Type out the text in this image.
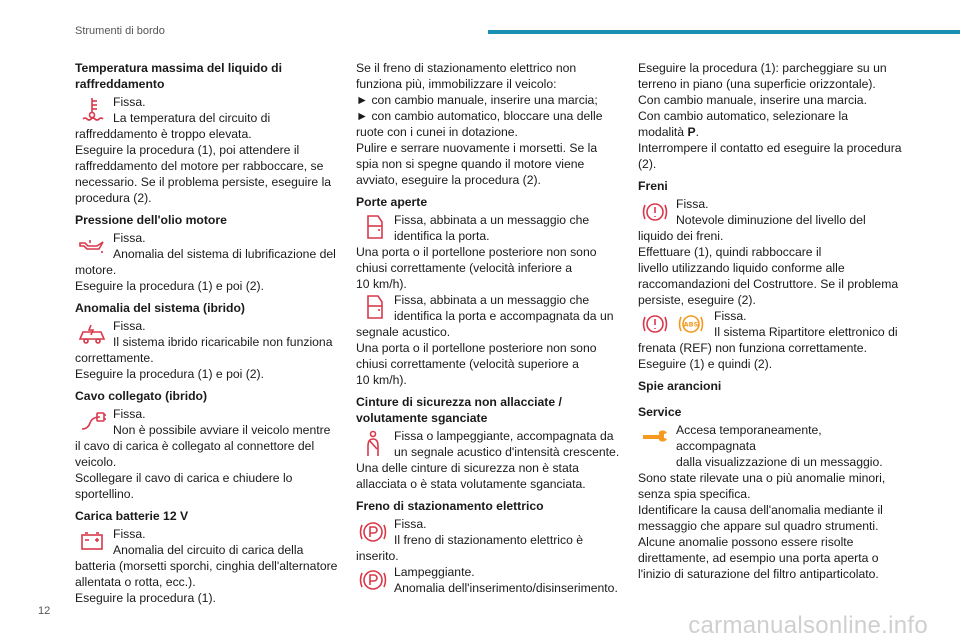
Strumenti di bordo
Temperatura massima del liquido di raffreddamento
Fissa.
La temperatura del circuito di
raffreddamento è troppo elevata.
Eseguire la procedura (1), poi attendere il
raffreddamento del motore per rabboccare, se
necessario. Se il problema persiste, eseguire la
procedura (2).
Pressione dell'olio motore
Fissa.
Anomalia del sistema di lubrificazione del
motore.
Eseguire la procedura (1) e poi (2).
Anomalia del sistema (ibrido)
Fissa.
Il sistema ibrido ricaricabile non funziona
correttamente.
Eseguire la procedura (1) e poi (2).
Cavo collegato (ibrido)
Fissa.
Non è possibile avviare il veicolo mentre
il cavo di carica è collegato al connettore del
veicolo.
Scollegare il cavo di carica e chiudere lo
sportellino.
Carica batterie 12 V
Fissa.
Anomalia del circuito di carica della
batteria (morsetti sporchi, cinghia dell'alternatore
allentata o rotta, ecc.).
Eseguire la procedura (1).
Se il freno di stazionamento elettrico non
funziona più, immobilizzare il veicolo:
► con cambio manuale, inserire una marcia;
► con cambio automatico, bloccare una delle
ruote con i cunei in dotazione.
Pulire e serrare nuovamente i morsetti. Se la
spia non si spegne quando il motore viene
avviato, eseguire la procedura (2).
Porte aperte
Fissa, abbinata a un messaggio che
identifica la porta.
Una porta o il portellone posteriore non sono
chiusi correttamente (velocità inferiore a
10 km/h).
Fissa, abbinata a un messaggio che
identifica la porta e accompagnata da un
segnale acustico.
Una porta o il portellone posteriore non sono
chiusi correttamente (velocità superiore a
10 km/h).
Cinture di sicurezza non allacciate / volutamente sganciate
Fissa o lampeggiante, accompagnata da
un segnale acustico d'intensità crescente.
Una delle cinture di sicurezza non è stata
allacciata o è stata volutamente sganciata.
Freno di stazionamento elettrico
Fissa.
Il freno di stazionamento elettrico è
inserito.
Lampeggiante.
Anomalia dell'inserimento/disinserimento.
Eseguire la procedura (1): parcheggiare su un
terreno in piano (una superficie orizzontale).
Con cambio manuale, inserire una marcia.
Con cambio automatico, selezionare la
modalità P.
Interrompere il contatto ed eseguire la procedura
(2).
Freni
Fissa.
Notevole diminuzione del livello del
liquido dei freni.
Effettuare (1), quindi rabboccare il
livello utilizzando liquido conforme alle
raccomandazioni del Costruttore. Se il problema
persiste, eseguire (2).
ABS
Fissa.
Il sistema Ripartitore elettronico di
frenata (REF) non funziona correttamente.
Eseguire (1) e quindi (2).
Spie arancioni
Service
Accesa temporaneamente, accompagnata
dalla visualizzazione di un messaggio.
Sono state rilevate una o più anomalie minori,
senza spia specifica.
Identificare la causa dell'anomalia mediante il
messaggio che appare sul quadro strumenti.
Alcune anomalie possono essere risolte
direttamente, ad esempio una porta aperta o
l'inizio di saturazione del filtro antiparticolato.
12
carmanualsonline.info
